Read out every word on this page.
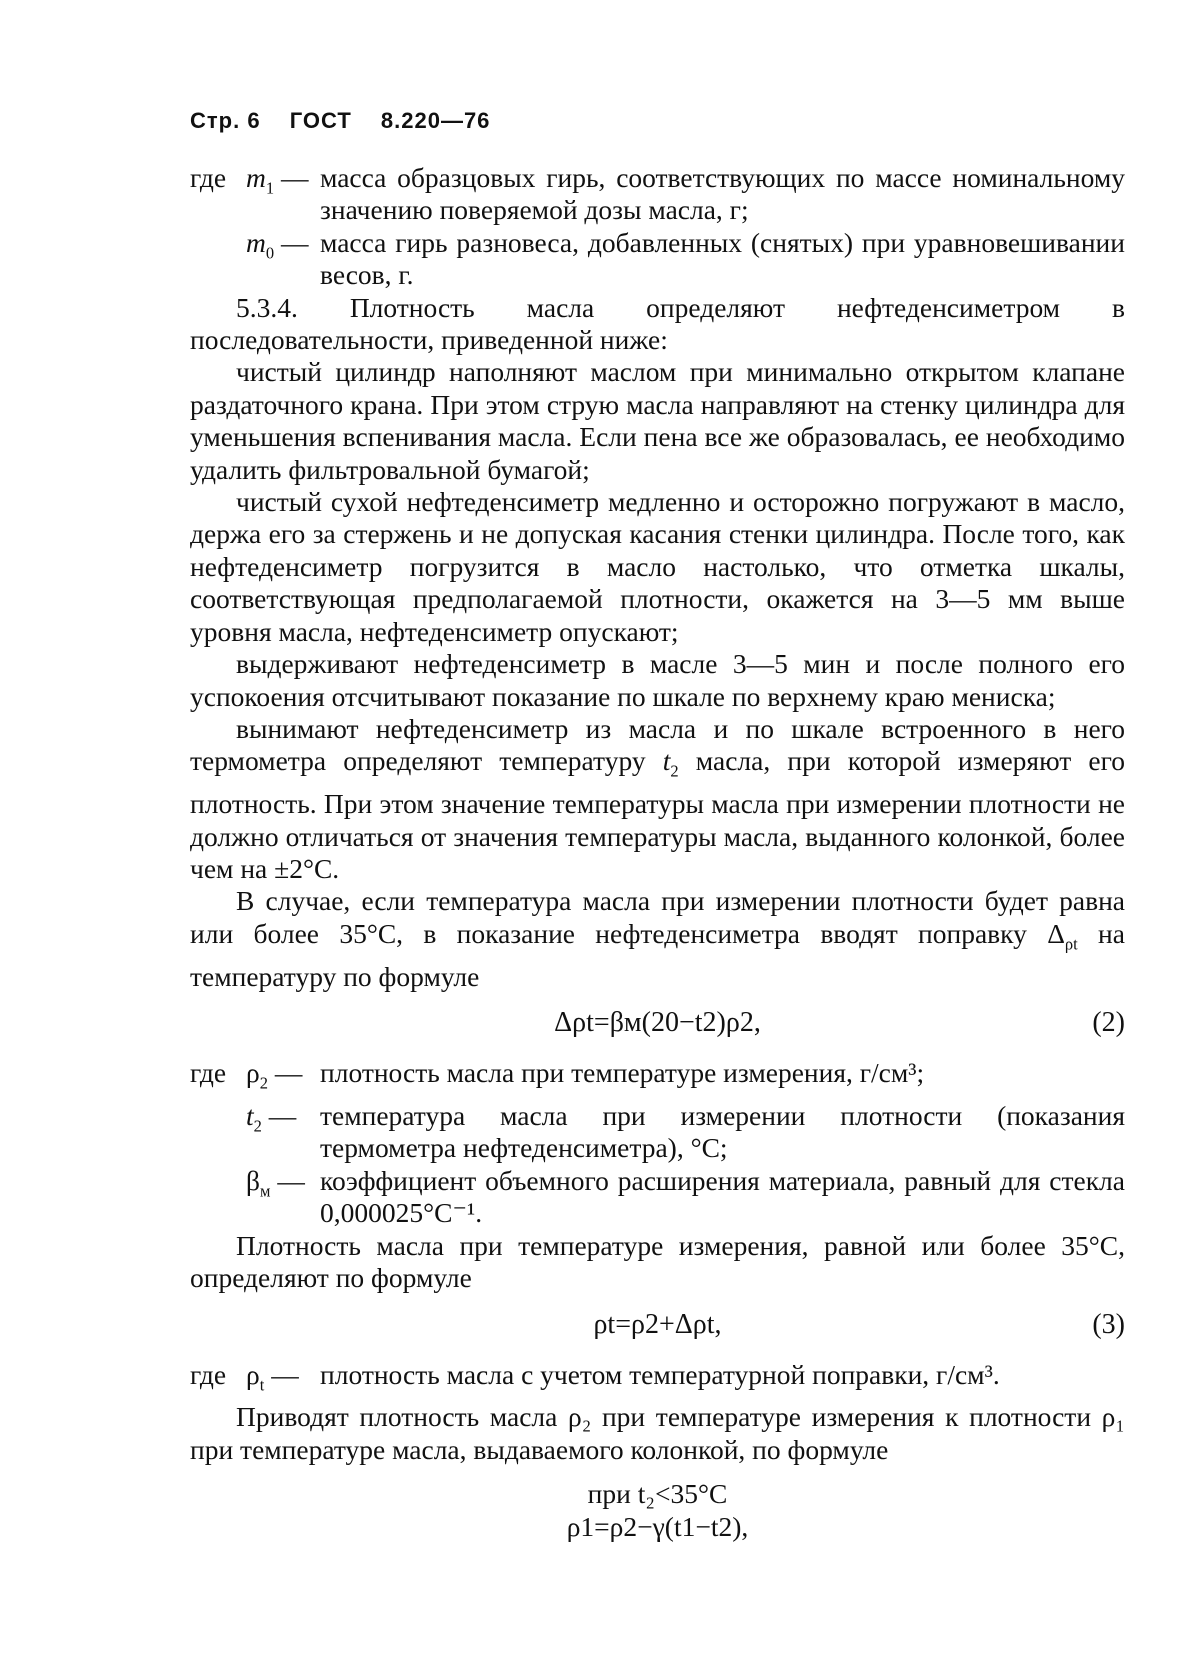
Стр. 6 ГОСТ 8.220—76
где $m_1$ — масса образцовых гирь, соответствующих по массе номинальному значению поверяемой дозы масла, г;
$m_0$ — масса гирь разновеса, добавленных (снятых) при уравновешивании весов, г.

5.3.4. Плотность масла определяют нефтеденсиметром в последовательности, приведенной ниже:

чистый цилиндр наполняют маслом при минимально открытом клапане раздаточного крана. При этом струю масла направляют на стенку цилиндра для уменьшения вспенивания масла. Если пена все же образовалась, ее необходимо удалить фильтровальной бумагой;

чистый сухой нефтеденсиметр медленно и осторожно погружают в масло, держа его за стержень и не допуская касания стенки цилиндра. После того, как нефтеденсиметр погрузится в масло настолько, что отметка шкалы, соответствующая предполагаемой плотности, окажется на 3—5 мм выше уровня масла, нефтеденсиметр опускают;

выдерживают нефтеденсиметр в масле 3—5 мин и после полного его успокоения отсчитывают показание по шкале по верхнему краю мениска;

вынимают нефтеденсиметр из масла и по шкале встроенного в него термометра определяют температуру $t_2$ масла, при которой измеряют его плотность. При этом значение температуры масла при измерении плотности не должно отличаться от значения температуры масла, выданного колонкой, более чем на ±2°С.

В случае, если температура масла при измерении плотности будет равна или более 35°С, в показание нефтеденсиметра вводят поправку $\Delta_{\rho t}$ на температуру по формуле

Δρt=βм(20−t2)ρ2,	(2)
где $\rho_2$ — плотность масла при температуре измерения, г/см³;
$t_2$ — температура масла при измерении плотности (показания термометра нефтеденсиметра), °С;
$\beta_м$ — коэффициент объемного расширения материала, равный для стекла 0,000025°С⁻¹.

Плотность масла при температуре измерения, равной или более 35°С, определяют по формуле

ρt=ρ2+Δρt,	(3)
где $\rho_t$ — плотность масла с учетом температурной поправки, г/см³.

Приводят плотность масла ρ₂ при температуре измерения к плотности ρ₁ при температуре масла, выдаваемого колонкой, по формуле

при t₂<35°С

ρ1=ρ2−γ(t1−t2),
